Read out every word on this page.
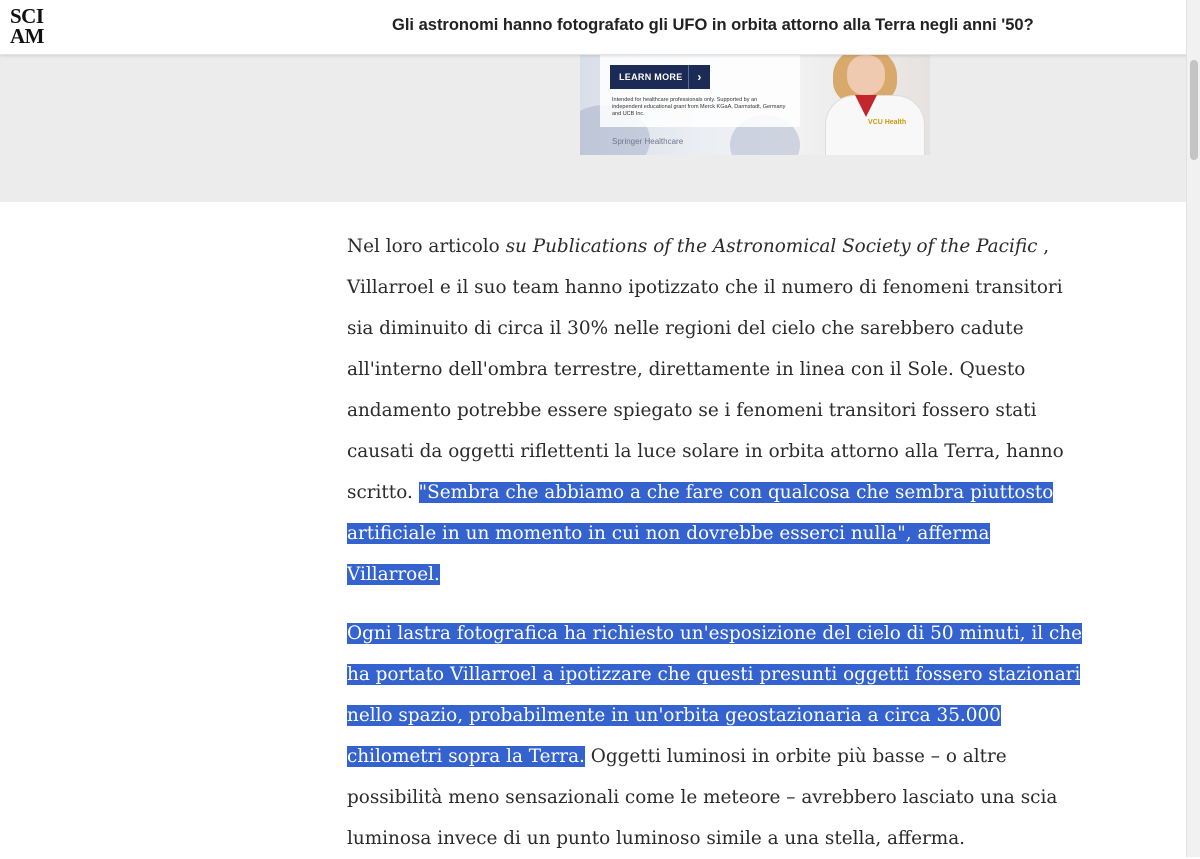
SCI
AM	Gli astronomi hanno fotografato gli UFO in orbita attorno alla Terra negli anni '50?
LEARN MORE	›
Intended for healthcare professionals only. Supported by an independent educational grant from Merck KGaA, Darmstadt, Germany and UCB Inc.
Springer Healthcare
VCU Health
Nel loro articolo su Publications of the Astronomical Society of the Pacific ,
Villarroel e il suo team hanno ipotizzato che il numero di fenomeni transitori
sia diminuito di circa il 30% nelle regioni del cielo che sarebbero cadute
all'interno dell'ombra terrestre, direttamente in linea con il Sole. Questo
andamento potrebbe essere spiegato se i fenomeni transitori fossero stati
causati da oggetti riflettenti la luce solare in orbita attorno alla Terra, hanno
scritto. "Sembra che abbiamo a che fare con qualcosa che sembra piuttosto
artificiale in un momento in cui non dovrebbe esserci nulla", afferma
Villarroel.
Ogni lastra fotografica ha richiesto un'esposizione del cielo di 50 minuti, il che
ha portato Villarroel a ipotizzare che questi presunti oggetti fossero stazionari
nello spazio, probabilmente in un'orbita geostazionaria a circa 35.000
chilometri sopra la Terra. Oggetti luminosi in orbite più basse – o altre
possibilità meno sensazionali come le meteore – avrebbero lasciato una scia
luminosa invece di un punto luminoso simile a una stella, afferma.
